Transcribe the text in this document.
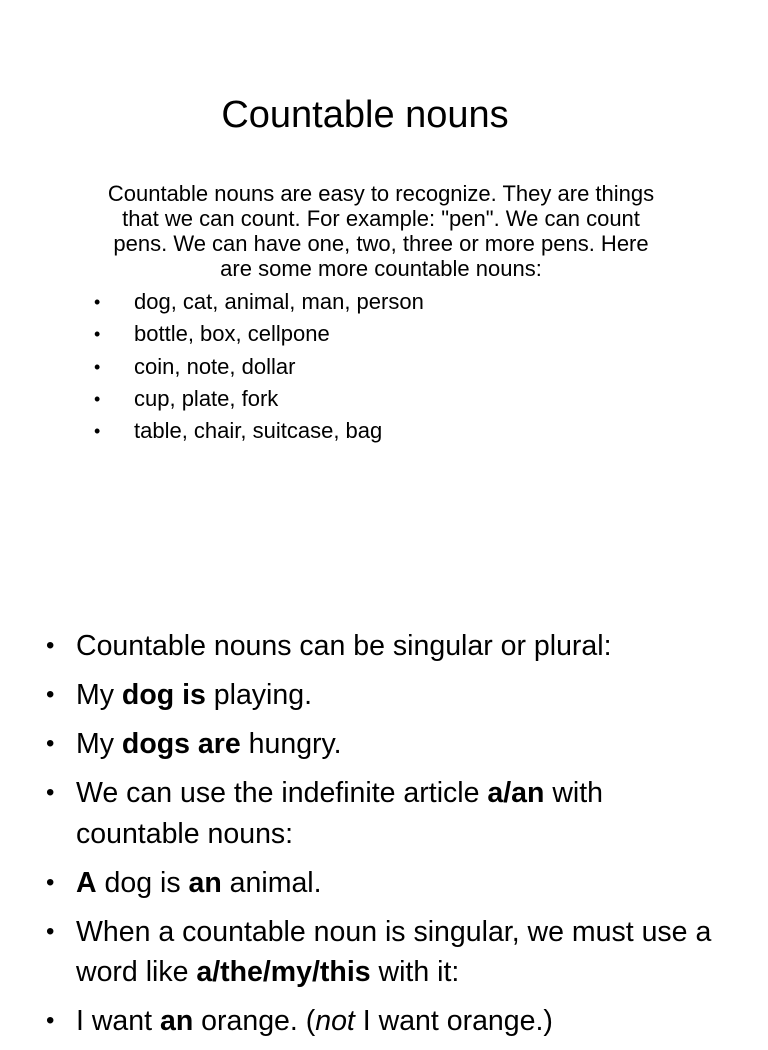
Countable nouns

Countable nouns are easy to recognize. They are things that we can count. For example: "pen". We can count pens. We can have one, two, three or more pens. Here are some more countable nouns:

• dog, cat, animal, man, person
• bottle, box, cellpone
• coin, note, dollar
• cup, plate, fork
• table, chair, suitcase, bag
• Countable nouns can be singular or plural:
• My dog is playing.
• My dogs are hungry.
• We can use the indefinite article a/an with countable nouns:
• A dog is an animal.
• When a countable noun is singular, we must use a word like a/the/my/this with it:
• I want an orange. (not I want orange.)
